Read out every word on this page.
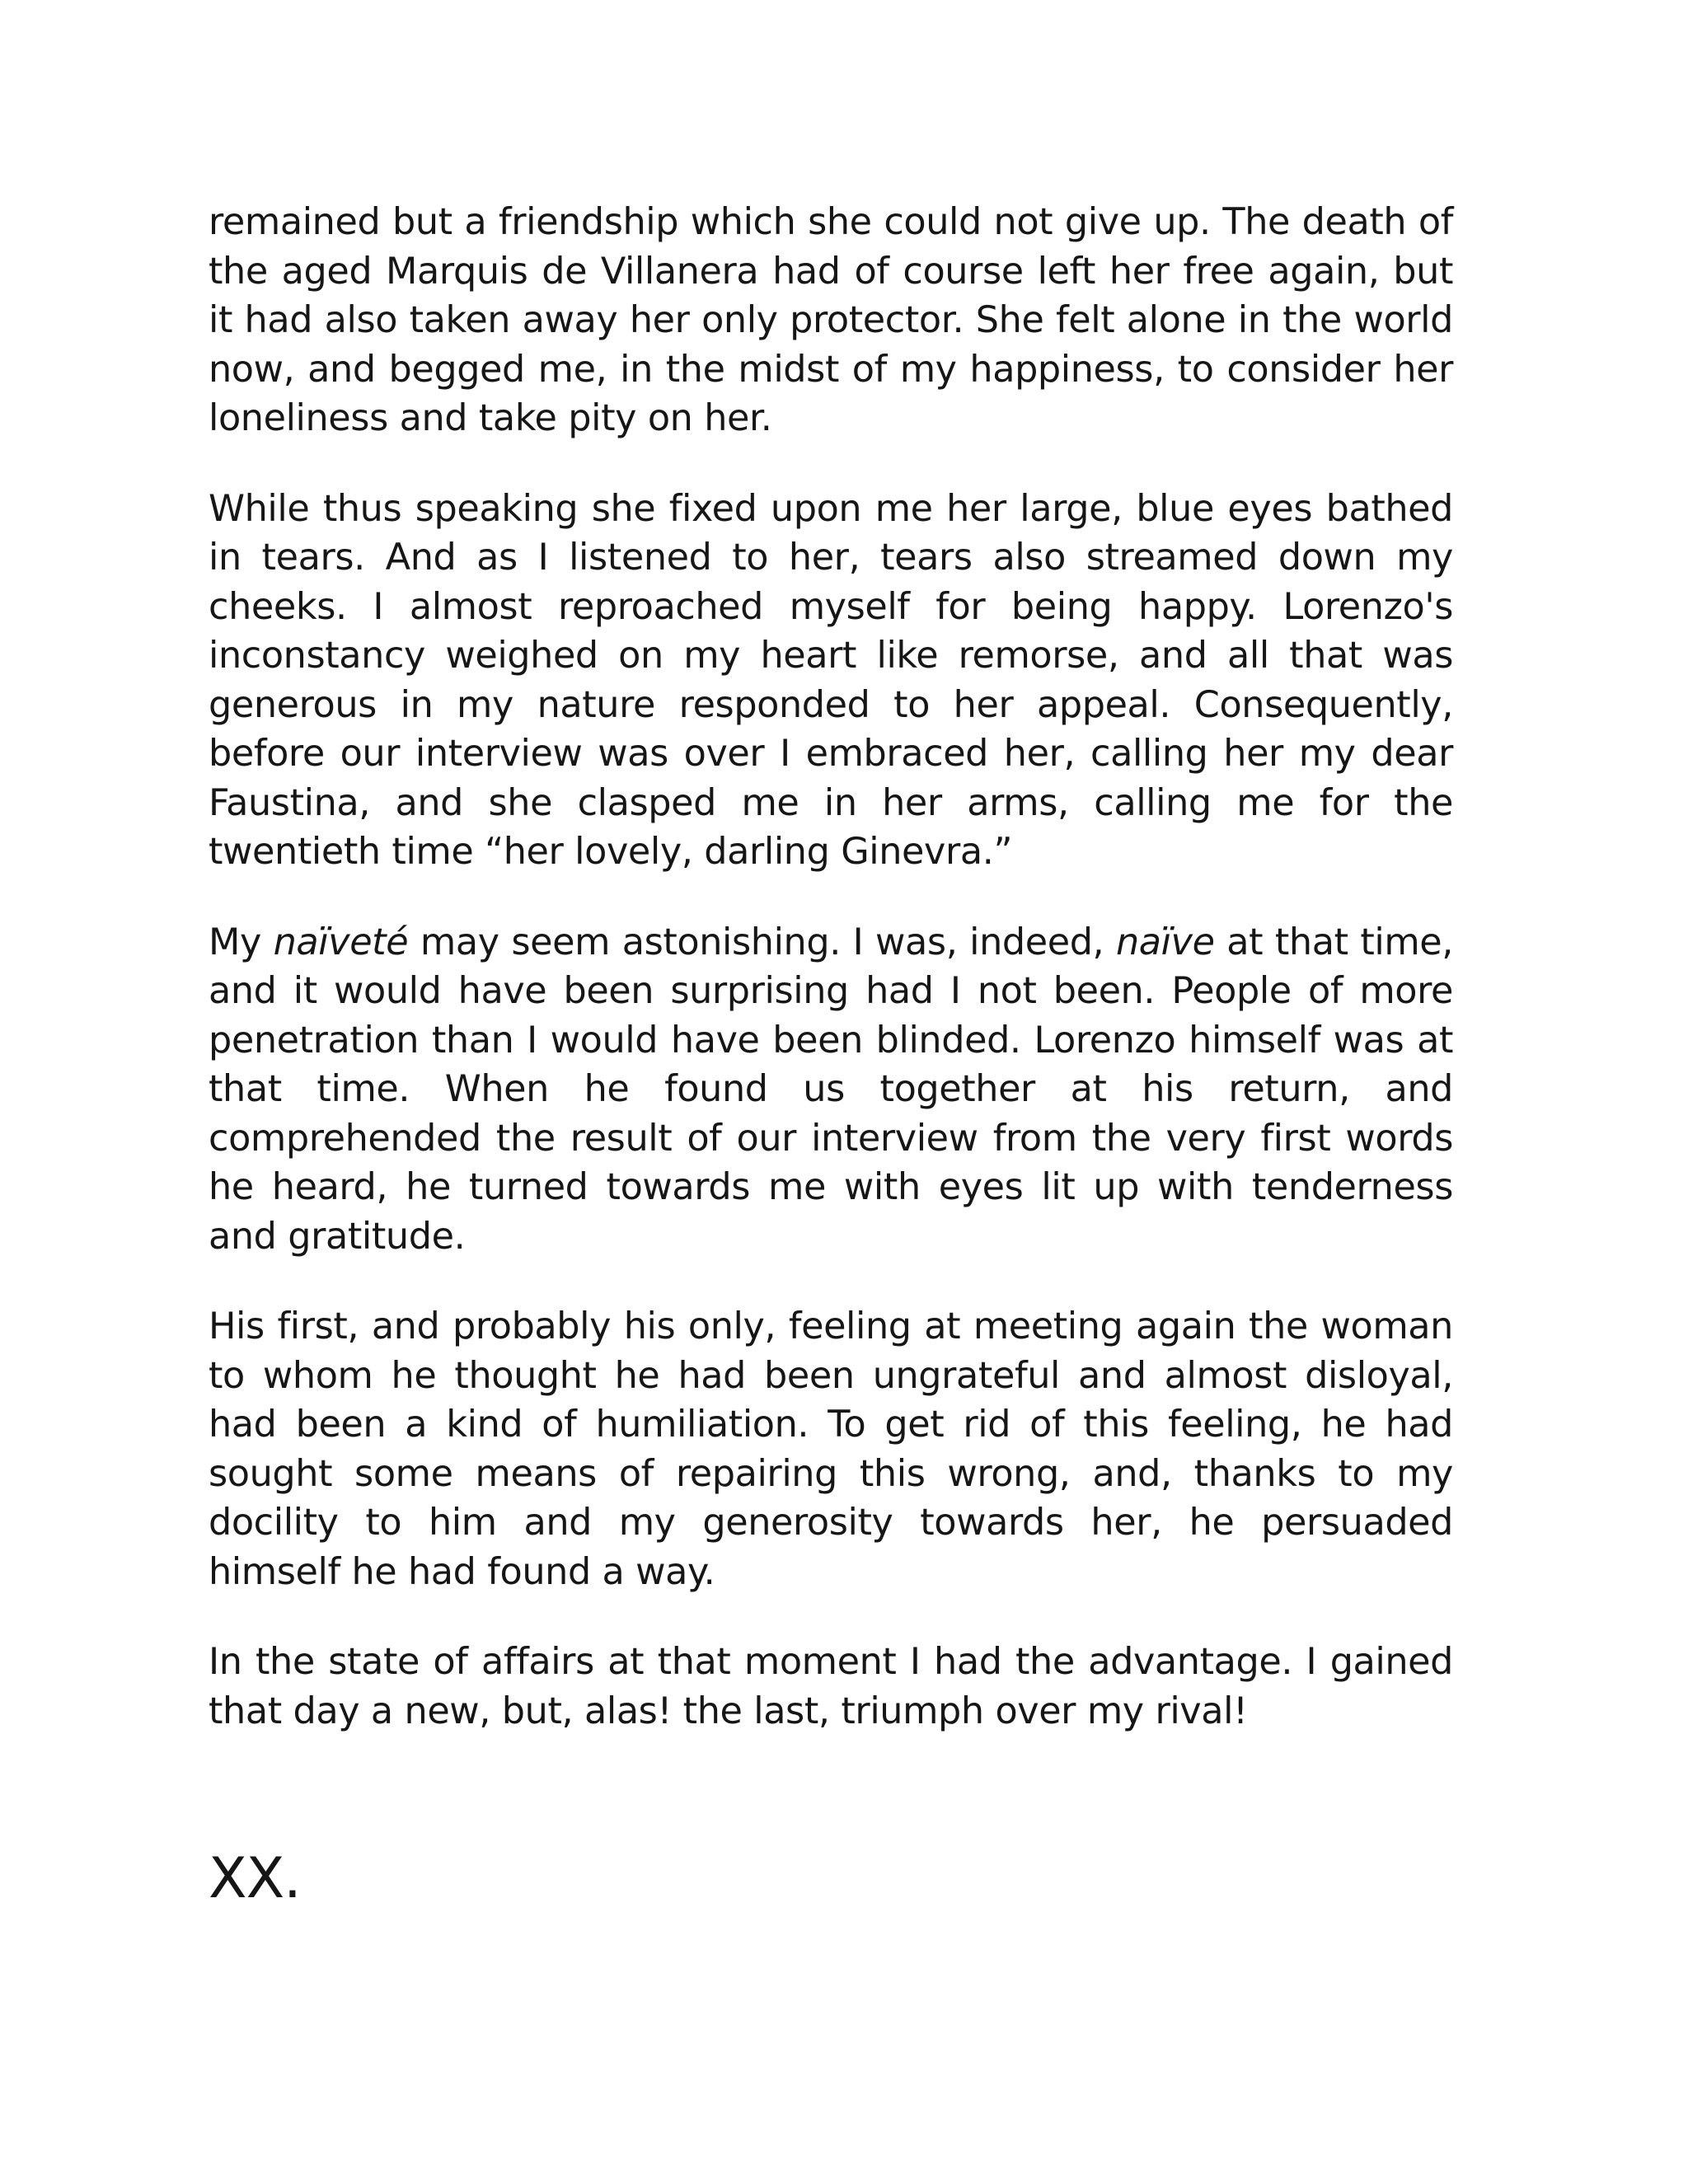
remained but a friendship which she could not give up. The death of the aged Marquis de Villanera had of course left her free again, but it had also taken away her only protector. She felt alone in the world now, and begged me, in the midst of my happiness, to consider her loneliness and take pity on her.

While thus speaking she fixed upon me her large, blue eyes bathed in tears. And as I listened to her, tears also streamed down my cheeks. I almost reproached myself for being happy. Lorenzo's inconstancy weighed on my heart like remorse, and all that was generous in my nature responded to her appeal. Consequently, before our interview was over I embraced her, calling her my dear Faustina, and she clasped me in her arms, calling me for the twentieth time “her lovely, darling Ginevra.”

My naïveté may seem astonishing. I was, indeed, naïve at that time, and it would have been surprising had I not been. People of more penetration than I would have been blinded. Lorenzo himself was at that time. When he found us together at his return, and comprehended the result of our interview from the very first words he heard, he turned towards me with eyes lit up with tenderness and gratitude.

His first, and probably his only, feeling at meeting again the woman to whom he thought he had been ungrateful and almost disloyal, had been a kind of humiliation. To get rid of this feeling, he had sought some means of repairing this wrong, and, thanks to my docility to him and my generosity towards her, he persuaded himself he had found a way.

In the state of affairs at that moment I had the advantage. I gained that day a new, but, alas! the last, triumph over my rival!

XX.
